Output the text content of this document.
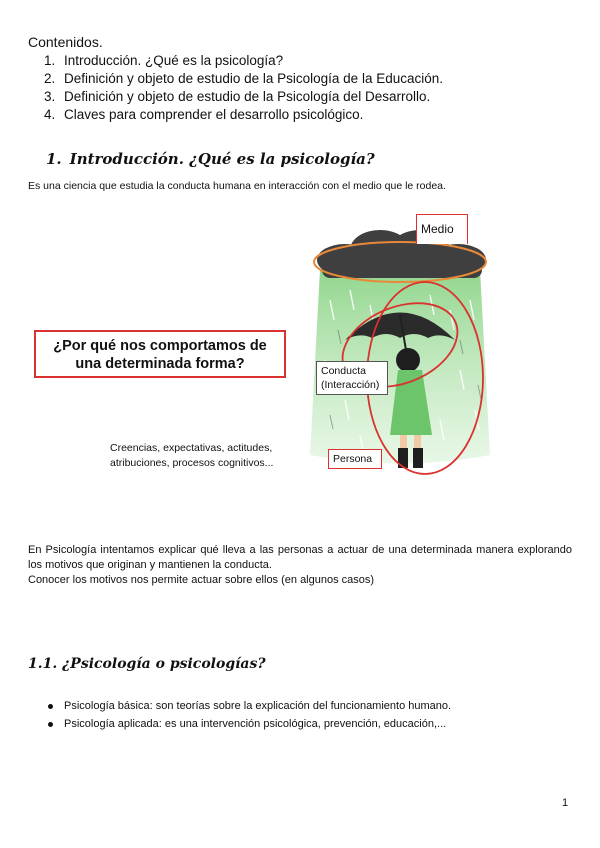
Contenidos.
1. Introducción. ¿Qué es la psicología?
2. Definición y objeto de estudio de la Psicología de la Educación.
3. Definición y objeto de estudio de la Psicología del Desarrollo.
4. Claves para comprender el desarrollo psicológico.
1. Introducción. ¿Qué es la psicología?
Es una ciencia que estudia la conducta humana en interacción con el medio que le rodea.
¿Por qué nos comportamos de
una determinada forma?
Creencias, expectativas, actitudes,
atribuciones, procesos cognitivos...
Medio
Conducta
(Interacción)
Persona

En Psicología intentamos explicar qué lleva a las personas a actuar de una determinada manera explorando los motivos que originan y mantienen la conducta.

Conocer los motivos nos permite actuar sobre ellos (en algunos casos)

1.1. ¿Psicología o psicologías?
Psicología básica: son teorías sobre la explicación del funcionamiento humano.
Psicología aplicada: es una intervención psicológica, prevención, educación,...
1
